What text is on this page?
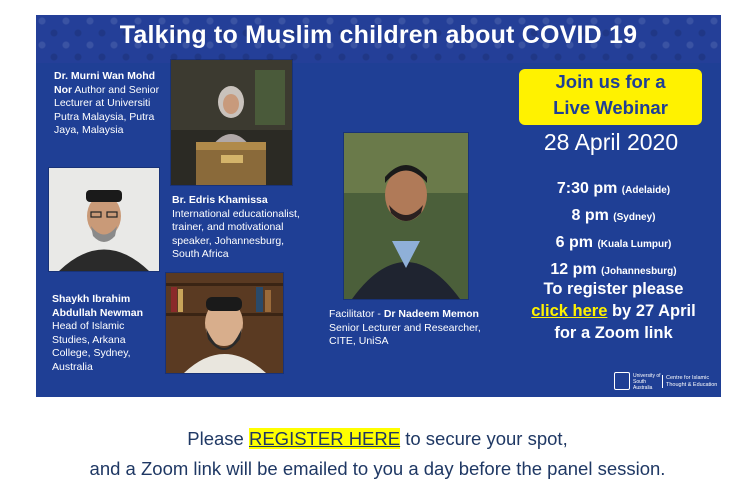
Talking to Muslim children about COVID 19
Dr. Murni Wan Mohd
Nor Author and Senior
Lecturer at Universiti
Putra Malaysia, Putra
Jaya, Malaysia
Br. Edris Khamissa
International educationalist,
trainer, and motivational
speaker, Johannesburg,
South Africa
Shaykh Ibrahim
Abdullah Newman
Head of Islamic
Studies, Arkana
College, Sydney,
Australia
Facilitator - Dr Nadeem Memon
Senior Lecturer and Researcher,
CITE, UniSA
Join us for a
Live Webinar
28 April 2020
7:30 pm (Adelaide)
8 pm (Sydney)
6 pm (Kuala Lumpur)
12 pm (Johannesburg)
To register please
click here by 27 April
for a Zoom link
University of South Australia
Centre for Islamic Thought & Education
Please REGISTER HERE to secure your spot,
and a Zoom link will be emailed to you a day before the panel session.
